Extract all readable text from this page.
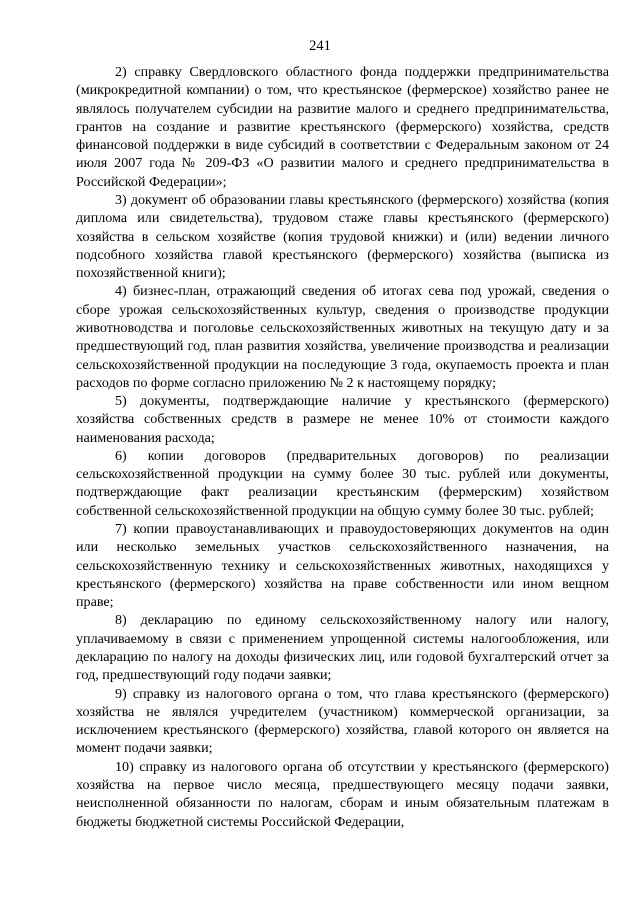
241

2) справку Свердловского областного фонда поддержки предпринимательства (микрокредитной компании) о том, что крестьянское (фермерское) хозяйство ранее не являлось получателем субсидии на развитие малого и среднего предпринимательства, грантов на создание и развитие крестьянского (фермерского) хозяйства, средств финансовой поддержки в виде субсидий в соответствии с Федеральным законом от 24 июля 2007 года № 209-ФЗ «О развитии малого и среднего предпринимательства в Российской Федерации»;

3) документ об образовании главы крестьянского (фермерского) хозяйства (копия диплома или свидетельства), трудовом стаже главы крестьянского (фермерского) хозяйства в сельском хозяйстве (копия трудовой книжки) и (или) ведении личного подсобного хозяйства главой крестьянского (фермерского) хозяйства (выписка из похозяйственной книги);

4) бизнес-план, отражающий сведения об итогах сева под урожай, сведения о сборе урожая сельскохозяйственных культур, сведения о производстве продукции животноводства и поголовье сельскохозяйственных животных на текущую дату и за предшествующий год, план развития хозяйства, увеличение производства и реализации сельскохозяйственной продукции на последующие 3 года, окупаемость проекта и план расходов по форме согласно приложению № 2 к настоящему порядку;

5) документы, подтверждающие наличие у крестьянского (фермерского) хозяйства собственных средств в размере не менее 10% от стоимости каждого наименования расхода;

6) копии договоров (предварительных договоров) по реализации сельскохозяйственной продукции на сумму более 30 тыс. рублей или документы, подтверждающие факт реализации крестьянским (фермерским) хозяйством собственной сельскохозяйственной продукции на общую сумму более 30 тыс. рублей;

7) копии правоустанавливающих и правоудостоверяющих документов на один или несколько земельных участков сельскохозяйственного назначения, на сельскохозяйственную технику и сельскохозяйственных животных, находящихся у крестьянского (фермерского) хозяйства на праве собственности или ином вещном праве;

8) декларацию по единому сельскохозяйственному налогу или налогу, уплачиваемому в связи с применением упрощенной системы налогообложения, или декларацию по налогу на доходы физических лиц, или годовой бухгалтерский отчет за год, предшествующий году подачи заявки;

9) справку из налогового органа о том, что глава крестьянского (фермерского) хозяйства не являлся учредителем (участником) коммерческой организации, за исключением крестьянского (фермерского) хозяйства, главой которого он является на момент подачи заявки;

10) справку из налогового органа об отсутствии у крестьянского (фермерского) хозяйства на первое число месяца, предшествующего месяцу подачи заявки, неисполненной обязанности по налогам, сборам и иным обязательным платежам в бюджеты бюджетной системы Российской Федерации,
